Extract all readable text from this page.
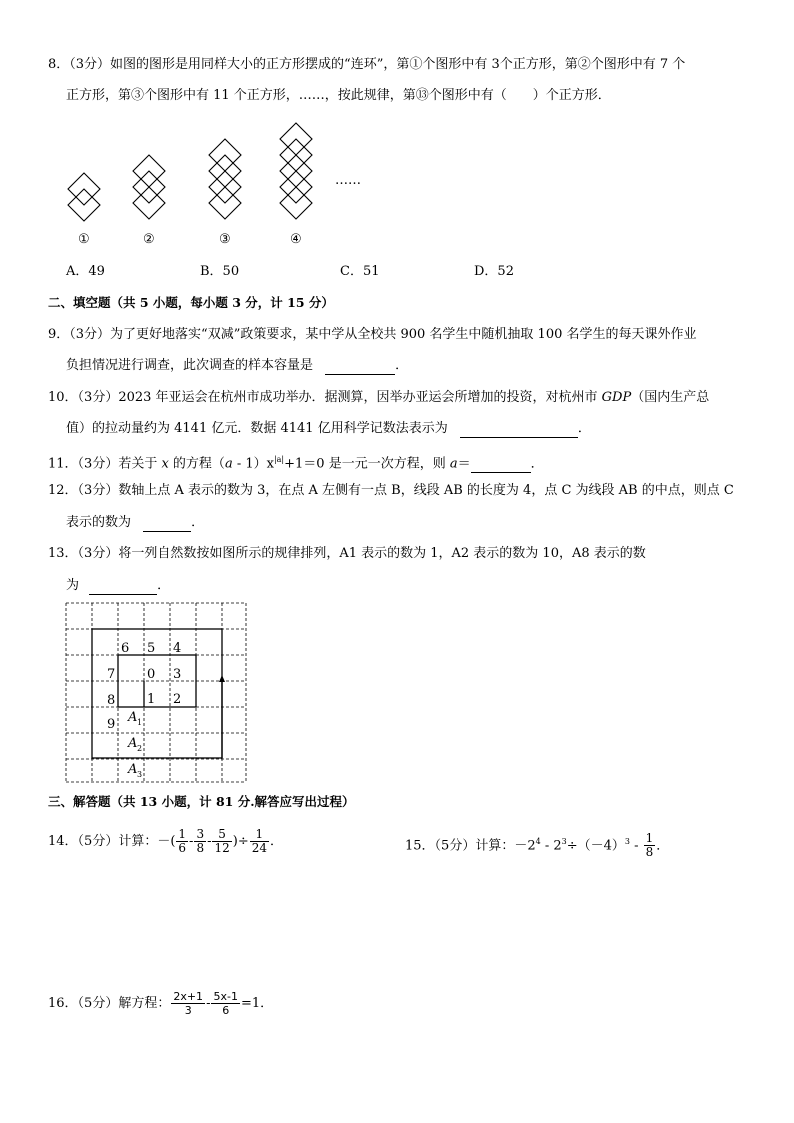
8．（3分）如图的图形是用同样大小的正方形摆成的“连环”，第①个图形中有 3个正方形，第②个图形中有 7 个
正方形，第③个图形中有 11 个正方形，……，按此规律，第⑬个图形中有（　　）个正方形．
……
①	②	③	④
A．49	B．50	C．51	D．52
二、填空题（共 5 小题，每小题 3 分，计 15 分）
9．（3分）为了更好地落实“双减”政策要求，某中学从全校共 900 名学生中随机抽取 100 名学生的每天课外作业
负担情况进行调查，此次调查的样本容量是	．
10．（3分）2023 年亚运会在杭州市成功举办．据测算，因举办亚运会所增加的投资，对杭州市 GDP（国内生产总
值）的拉动量约为 4141 亿元．数据 4141 亿用科学记数法表示为	．
11．（3分）若关于 x 的方程$(a - 1)x^{|a|}+1=0$ 是一元一次方程，则 a＝	．
12．（3分）数轴上点 A 表示的数为 3，在点 A 左侧有一点 B，线段 AB 的长度为 4，点 C 为线段 AB 的中点，则点 C
表示的数为	．
13．（3分）将一列自然数按如图所示的规律排列，A1 表示的数为 1，A2 表示的数为 10，A8 表示的数
为	．
6 5 4
7 0 3
8 1 2
9 A 1
A 2
A 3
三、解答题（共 13 小题，计 81 分.解答应写出过程）
14．（5分）计算：－( $\frac{1}{6} - \frac{3}{8} - \frac{5}{12}$ )÷ $\frac{1}{24}$ ．	15．（5分）计算：$-2^4 - 2^3\div(-4)^3 - \frac{1}{8}$ ．
16．（5分）解方程： $\frac{2x+1}{3} - \frac{5x-1}{6} =1$．
